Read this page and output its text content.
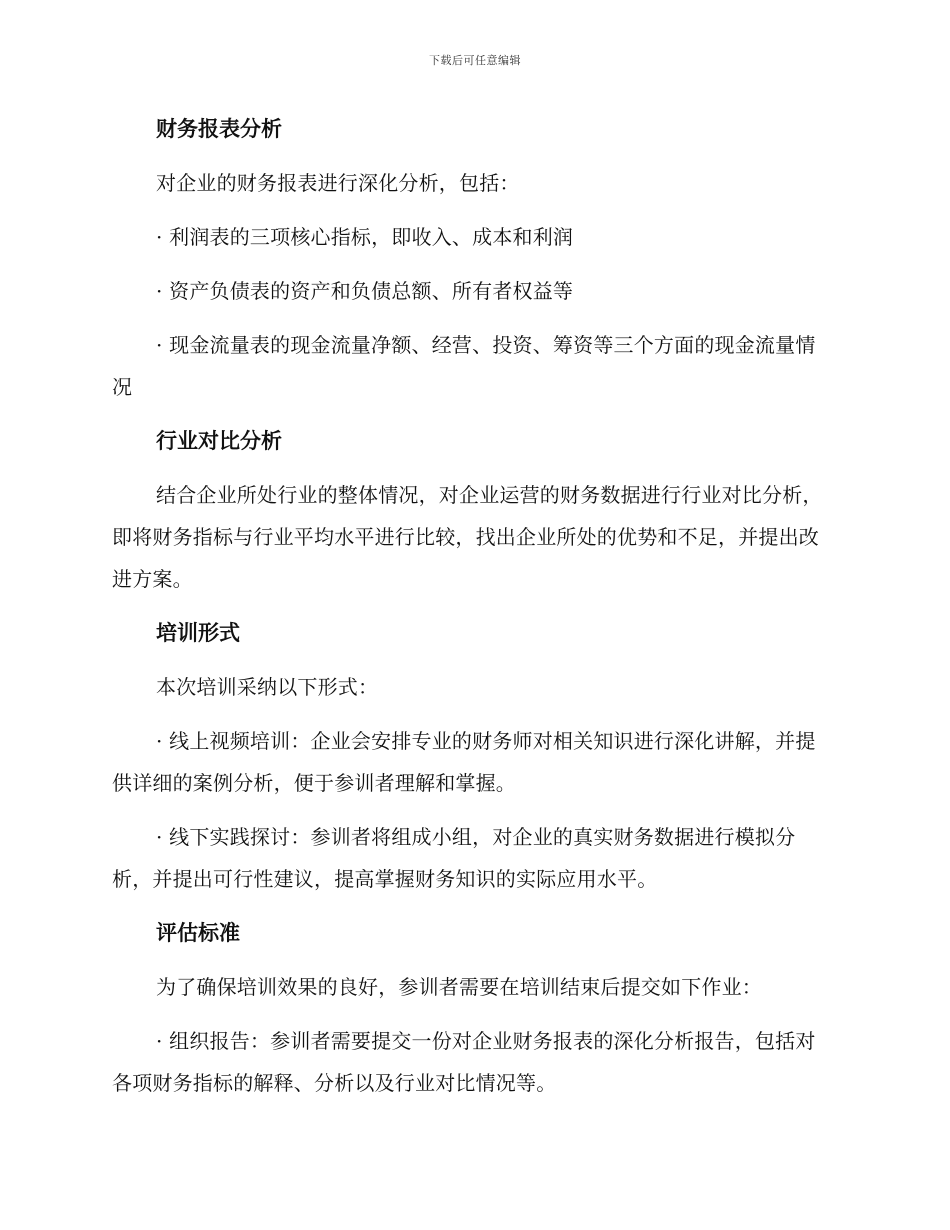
下载后可任意编辑
财务报表分析

对企业的财务报表进行深化分析，包括：

· 利润表的三项核心指标，即收入、成本和利润

· 资产负债表的资产和负债总额、所有者权益等

· 现金流量表的现金流量净额、经营、投资、筹资等三个方面的现金流量情况

行业对比分析

结合企业所处行业的整体情况，对企业运营的财务数据进行行业对比分析，即将财务指标与行业平均水平进行比较，找出企业所处的优势和不足，并提出改进方案。

培训形式

本次培训采纳以下形式：

· 线上视频培训：企业会安排专业的财务师对相关知识进行深化讲解，并提供详细的案例分析，便于参训者理解和掌握。

· 线下实践探讨：参训者将组成小组，对企业的真实财务数据进行模拟分析，并提出可行性建议，提高掌握财务知识的实际应用水平。

评估标准

为了确保培训效果的良好，参训者需要在培训结束后提交如下作业：

· 组织报告：参训者需要提交一份对企业财务报表的深化分析报告，包括对各项财务指标的解释、分析以及行业对比情况等。
